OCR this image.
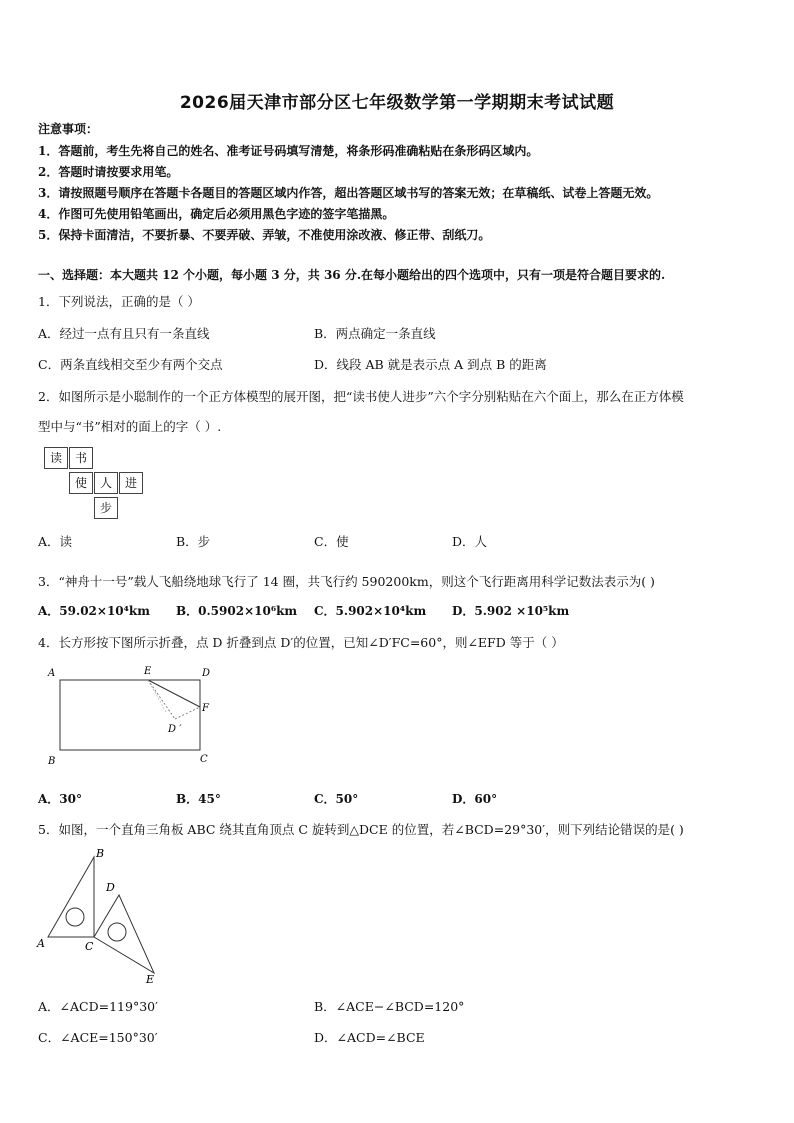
2026届天津市部分区七年级数学第一学期期末考试试题
注意事项：
1．答题前，考生先将自己的姓名、准考证号码填写清楚，将条形码准确粘贴在条形码区域内。
2．答题时请按要求用笔。
3．请按照题号顺序在答题卡各题目的答题区域内作答，超出答题区域书写的答案无效；在草稿纸、试卷上答题无效。
4．作图可先使用铅笔画出，确定后必须用黑色字迹的签字笔描黑。
5．保持卡面清洁，不要折暴、不要弄破、弄皱，不准使用涂改液、修正带、刮纸刀。
一、选择题：本大题共 12 个小题，每小题 3 分，共 36 分.在每小题给出的四个选项中，只有一项是符合题目要求的.
1．下列说法，正确的是（ ）
A．经过一点有且只有一条直线	B．两点确定一条直线
C．两条直线相交至少有两个交点	D．线段 AB 就是表示点 A 到点 B 的距离
2．如图所示是小聪制作的一个正方体模型的展开图，把“读书使人进步”六个字分别粘贴在六个面上，那么在正方体模
型中与“书”相对的面上的字（ ）.
读	书
使	人	进
步
A．读	B．步	C．使	D．人
3．“神舟十一号”载人飞船绕地球飞行了 14 圈，共飞行约 590200km，则这个飞行距离用科学记数法表示为( )
A．59.02×10⁴km B．0.5902×10⁶km C．5.902×10⁴km D．5.902 ×10⁵km
4．长方形按下图所示折叠，点 D 折叠到点 D′的位置，已知∠D′FC=60°，则∠EFD 等于（ ）
A	E	D
F
D ′
B	C
A．30°	B．45°	C．50°	D．60°
5．如图，一个直角三角板 ABC 绕其直角顶点 C 旋转到△DCE 的位置，若∠BCD=29°30′，则下列结论错误的是( )
A
B
C
D
E
A．∠ACD=119°30′	B．∠ACE−∠BCD=120°
C．∠ACE=150°30′	D．∠ACD=∠BCE
